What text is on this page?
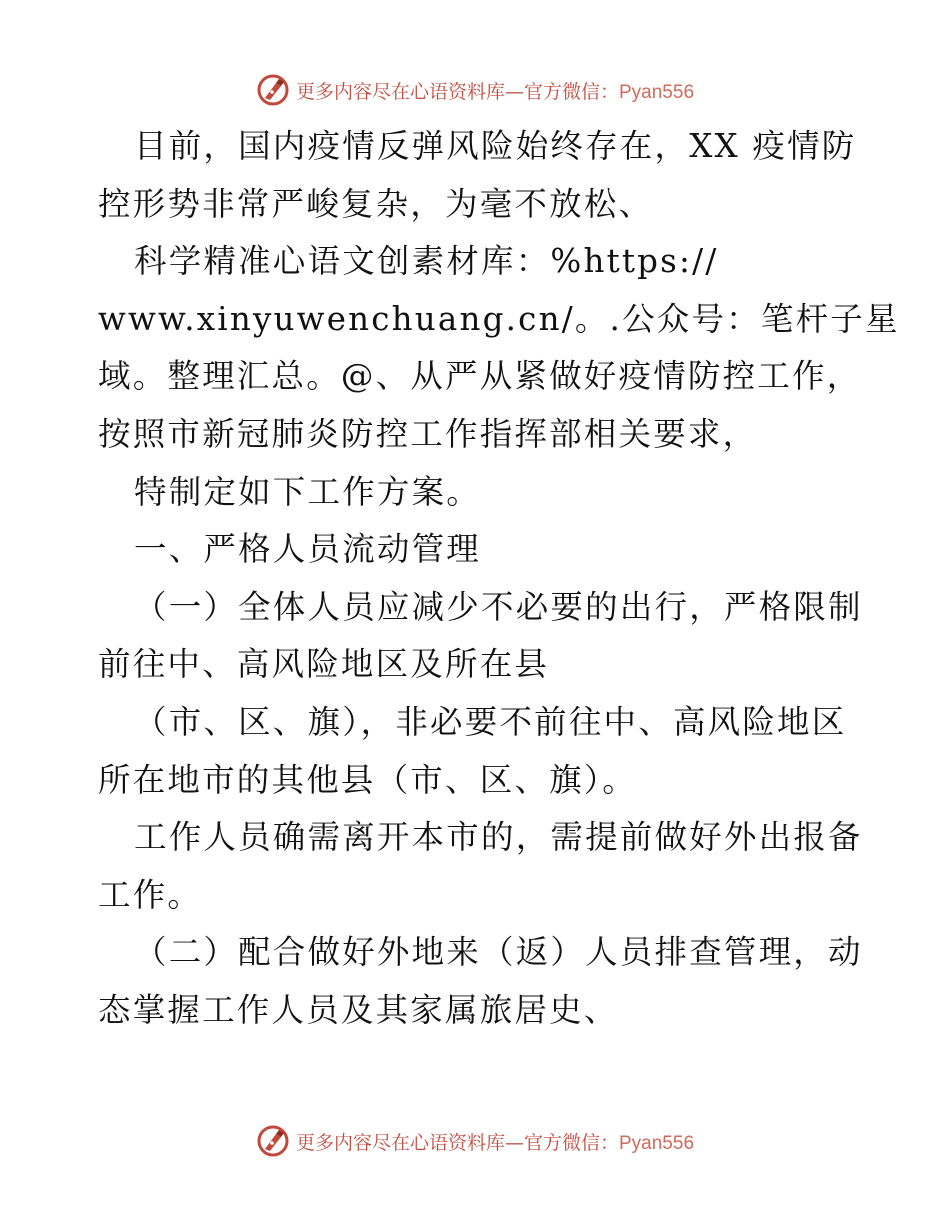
更多内容尽在心语资料库—官方微信：Pyan556
目前，国内疫情反弹风险始终存在，XX 疫情防
控形势非常严峻复杂，为毫不放松、
科学精准心语文创素材库：%https://
www.xinyuwenchuang.cn/。.公众号：笔杆子星
域。整理汇总。@、从严从紧做好疫情防控工作，
按照市新冠肺炎防控工作指挥部相关要求，
特制定如下工作方案。
一、严格人员流动管理
（一）全体人员应减少不必要的出行，严格限制
前往中、高风险地区及所在县
（市、区、旗），非必要不前往中、高风险地区
所在地市的其他县（市、区、旗）。
工作人员确需离开本市的，需提前做好外出报备
工作。
（二）配合做好外地来（返）人员排查管理，动
态掌握工作人员及其家属旅居史、
更多内容尽在心语资料库—官方微信：Pyan556
